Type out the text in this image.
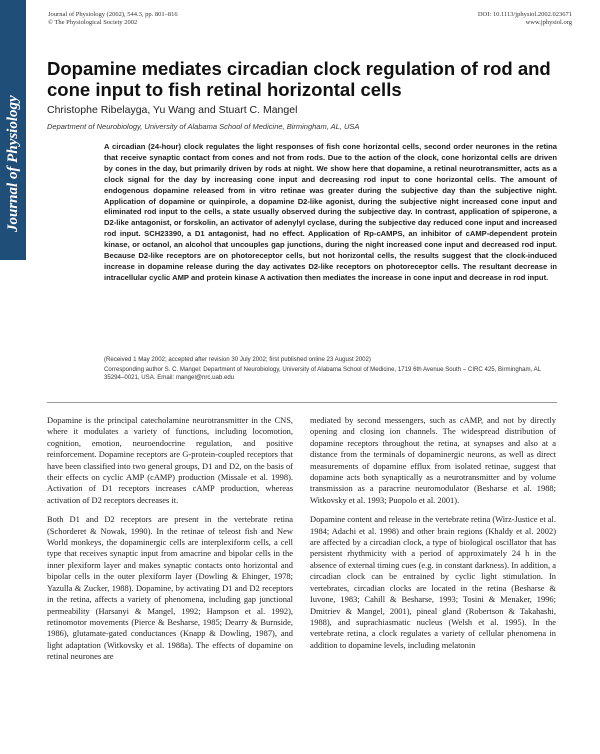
Journal of Physiology
Journal of Physiology (2002), 544.3, pp. 801–816
© The Physiological Society 2002
DOI: 10.1113/jphysiol.2002.023671
www.jphysiol.org
Dopamine mediates circadian clock regulation of rod and cone input to fish retinal horizontal cells
Christophe Ribelayga, Yu Wang and Stuart C. Mangel
Department of Neurobiology, University of Alabama School of Medicine, Birmingham, AL, USA

A circadian (24-hour) clock regulates the light responses of fish cone horizontal cells, second order neurones in the retina that receive synaptic contact from cones and not from rods. Due to the action of the clock, cone horizontal cells are driven by cones in the day, but primarily driven by rods at night. We show here that dopamine, a retinal neurotransmitter, acts as a clock signal for the day by increasing cone input and decreasing rod input to cone horizontal cells. The amount of endogenous dopamine released from in vitro retinae was greater during the subjective day than the subjective night. Application of dopamine or quinpirole, a dopamine D2-like agonist, during the subjective night increased cone input and eliminated rod input to the cells, a state usually observed during the subjective day. In contrast, application of spiperone, a D2-like antagonist, or forskolin, an activator of adenylyl cyclase, during the subjective day reduced cone input and increased rod input. SCH23390, a D1 antagonist, had no effect. Application of Rp-cAMPS, an inhibitor of cAMP-dependent protein kinase, or octanol, an alcohol that uncouples gap junctions, during the night increased cone input and decreased rod input. Because D2-like receptors are on photoreceptor cells, but not horizontal cells, the results suggest that the clock-induced increase in dopamine release during the day activates D2-like receptors on photoreceptor cells. The resultant decrease in intracellular cyclic AMP and protein kinase A activation then mediates the increase in cone input and decrease in rod input.

(Received 1 May 2002; accepted after revision 30 July 2002; first published online 23 August 2002)

Corresponding author S. C. Mangel: Department of Neurobiology, University of Alabama School of Medicine, 1719 6th Avenue South – CIRC 425, Birmingham, AL 35294–0021, USA. Email: mangel@nrc.uab.edu

Dopamine is the principal catecholamine neurotransmitter in the CNS, where it modulates a variety of functions, including locomotion, cognition, emotion, neuroendocrine regulation, and positive reinforcement. Dopamine receptors are G-protein-coupled receptors that have been classified into two general groups, D1 and D2, on the basis of their effects on cyclic AMP (cAMP) production (Missale et al. 1998). Activation of D1 receptors increases cAMP production, whereas activation of D2 receptors decreases it.

Both D1 and D2 receptors are present in the vertebrate retina (Schorderet & Nowak, 1990). In the retinae of teleost fish and New World monkeys, the dopaminergic cells are interplexiform cells, a cell type that receives synaptic input from amacrine and bipolar cells in the inner plexiform layer and makes synaptic contacts onto horizontal and bipolar cells in the outer plexiform layer (Dowling & Ehinger, 1978; Yazulla & Zucker, 1988). Dopamine, by activating D1 and D2 receptors in the retina, affects a variety of phenomena, including gap junctional permeability (Harsanyi & Mangel, 1992; Hampson et al. 1992), retinomotor movements (Pierce & Besharse, 1985; Dearry & Burnside, 1986), glutamate-gated conductances (Knapp & Dowling, 1987), and light adaptation (Witkovsky et al. 1988a). The effects of dopamine on retinal neurones are

mediated by second messengers, such as cAMP, and not by directly opening and closing ion channels. The widespread distribution of dopamine receptors throughout the retina, at synapses and also at a distance from the terminals of dopaminergic neurons, as well as direct measurements of dopamine efflux from isolated retinae, suggest that dopamine acts both synaptically as a neurotransmitter and by volume transmission as a paracrine neuromodulator (Besharse et al. 1988; Witkovsky et al. 1993; Puopolo et al. 2001).

Dopamine content and release in the vertebrate retina (Wirz-Justice et al. 1984; Adachi et al. 1998) and other brain regions (Khaldy et al. 2002) are affected by a circadian clock, a type of biological oscillator that has persistent rhythmicity with a period of approximately 24 h in the absence of external timing cues (e.g. in constant darkness). In addition, a circadian clock can be entrained by cyclic light stimulation. In vertebrates, circadian clocks are located in the retina (Besharse & Iuvone, 1983; Cahill & Besharse, 1993; Tosini & Menaker, 1996; Dmitriev & Mangel, 2001), pineal gland (Robertson & Takahashi, 1988), and suprachiasmatic nucleus (Welsh et al. 1995). In the vertebrate retina, a clock regulates a variety of cellular phenomena in addition to dopamine levels, including melatonin
